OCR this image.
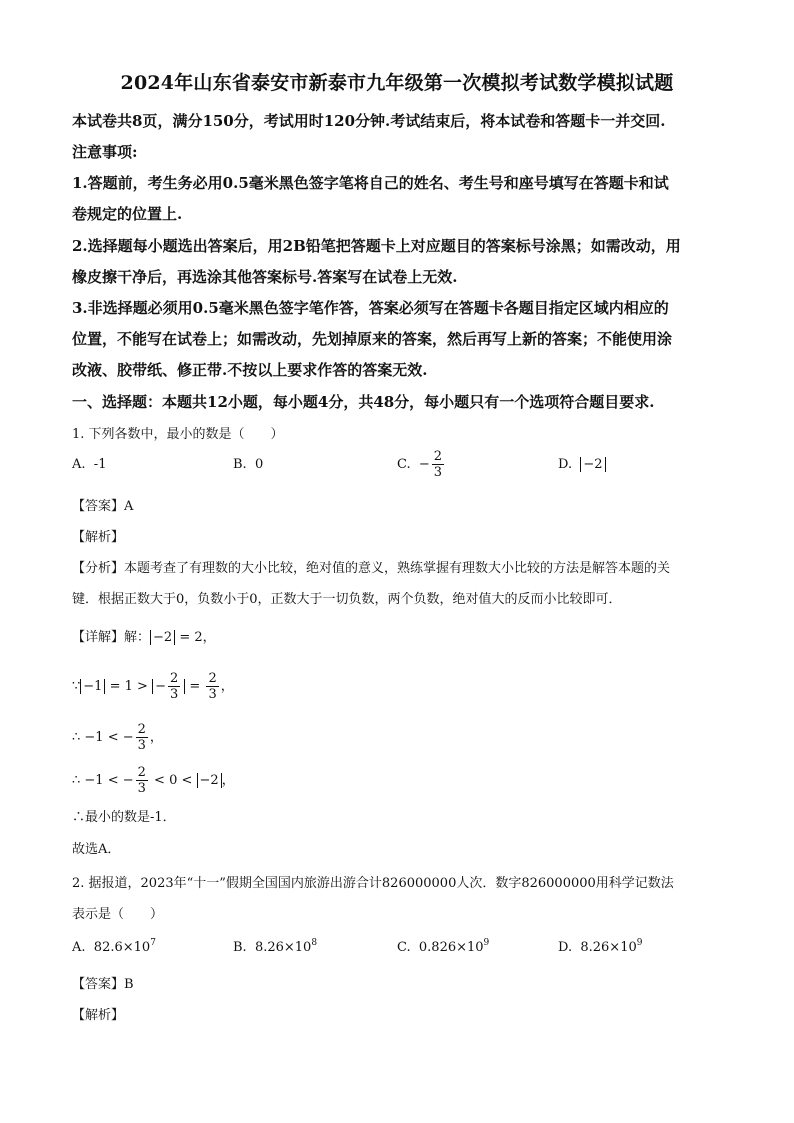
2024年山东省泰安市新泰市九年级第一次模拟考试数学模拟试题
本试卷共8页，满分150分，考试用时120分钟.考试结束后，将本试卷和答题卡一并交回.
注意事项:
1.答题前，考生务必用0.5毫米黑色签字笔将自己的姓名、考生号和座号填写在答题卡和试
卷规定的位置上.
2.选择题每小题选出答案后，用2B铅笔把答题卡上对应题目的答案标号涂黑；如需改动，用
橡皮擦干净后，再选涂其他答案标号.答案写在试卷上无效.
3.非选择题必须用0.5毫米黑色签字笔作答，答案必须写在答题卡各题目指定区域内相应的
位置，不能写在试卷上；如需改动，先划掉原来的答案，然后再写上新的答案；不能使用涂
改液、胶带纸、修正带.不按以上要求作答的答案无效.
一、选择题：本题共12小题，每小题4分，共48分，每小题只有一个选项符合题目要求.
1. 下列各数中，最小的数是（　　）
A. -1	B. 0	C. − $\frac{2}{3}$	D. −2
【答案】A
【解析】
【分析】本题考查了有理数的大小比较，绝对值的意义，熟练掌握有理数大小比较的方法是解答本题的关
键．根据正数大于0，负数小于0，正数大于一切负数，两个负数，绝对值大的反而小比较即可．
【详解】解： −2 = 2，
∵ −1 = 1 > − $\frac{2}{3} = \frac{2}{3}$ ，
∴ −1 < − $\frac{2}{3}$ ，
∴ −1 < − $\frac{2}{3} < 0 < -2$ ，
∴最小的数是-1．
故选A．
2. 据报道，2023年“十一”假期全国国内旅游出游合计826000000人次．数字826000000用科学记数法
表示是（　　）
A. $82.6\times 10^7$	B. $8.26\times 10^8$	C. $0.826\times 10^9$	D. $8.26\times 10^9$
【答案】B
【解析】
